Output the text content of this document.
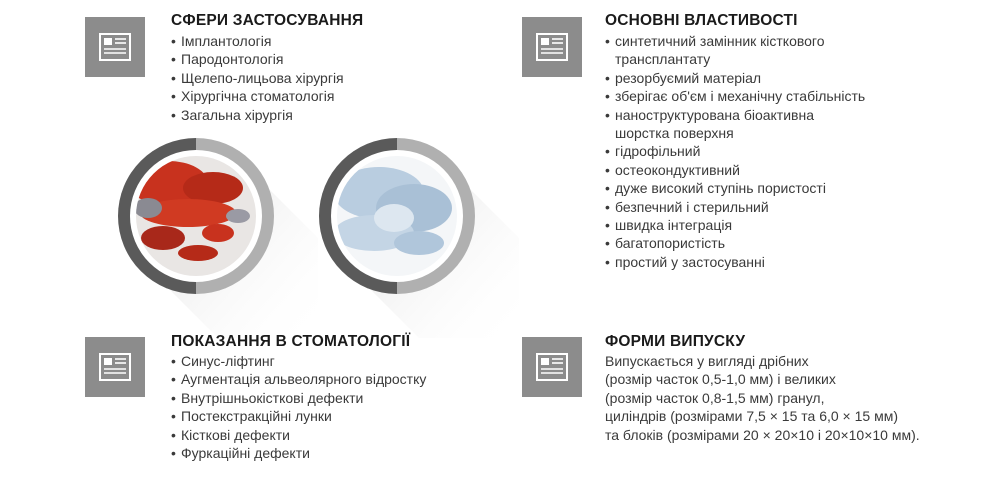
СФЕРИ ЗАСТОСУВАННЯ
• Імплантологія
• Пародонтологія
• Щелепо-лицьова хірургія
• Хірургічна стоматологія
• Загальна хірургія
ОСНОВНІ ВЛАСТИВОСТІ
• синтетичний замінник кісткового
трансплантату
• резорбуємий матеріал
• зберігає об'єм і механічну стабільність
• наноструктурована біоактивна
шорстка поверхня
• гідрофільний
• остеокондуктивний
• дуже високий ступінь пористості
• безпечний і стерильний
• швидка інтеграція
• багатопористість
• простий у застосуванні
ПОКАЗАННЯ В СТОМАТОЛОГІЇ
• Синус-ліфтинг
• Аугментація альвеолярного відростку
• Внутрішньокісткові дефекти
• Постекстракційні лунки
• Кісткові дефекти
• Фуркаційні дефекти
ФОРМИ ВИПУСКУ
Випускається у вигляді дрібних
(розмір часток 0,5-1,0 мм) і великих
(розмір часток 0,8-1,5 мм) гранул,
циліндрів (розмірами 7,5 × 15 та 6,0 × 15 мм)
та блоків (розмірами 20 × 20×10 і 20×10×10 мм).
